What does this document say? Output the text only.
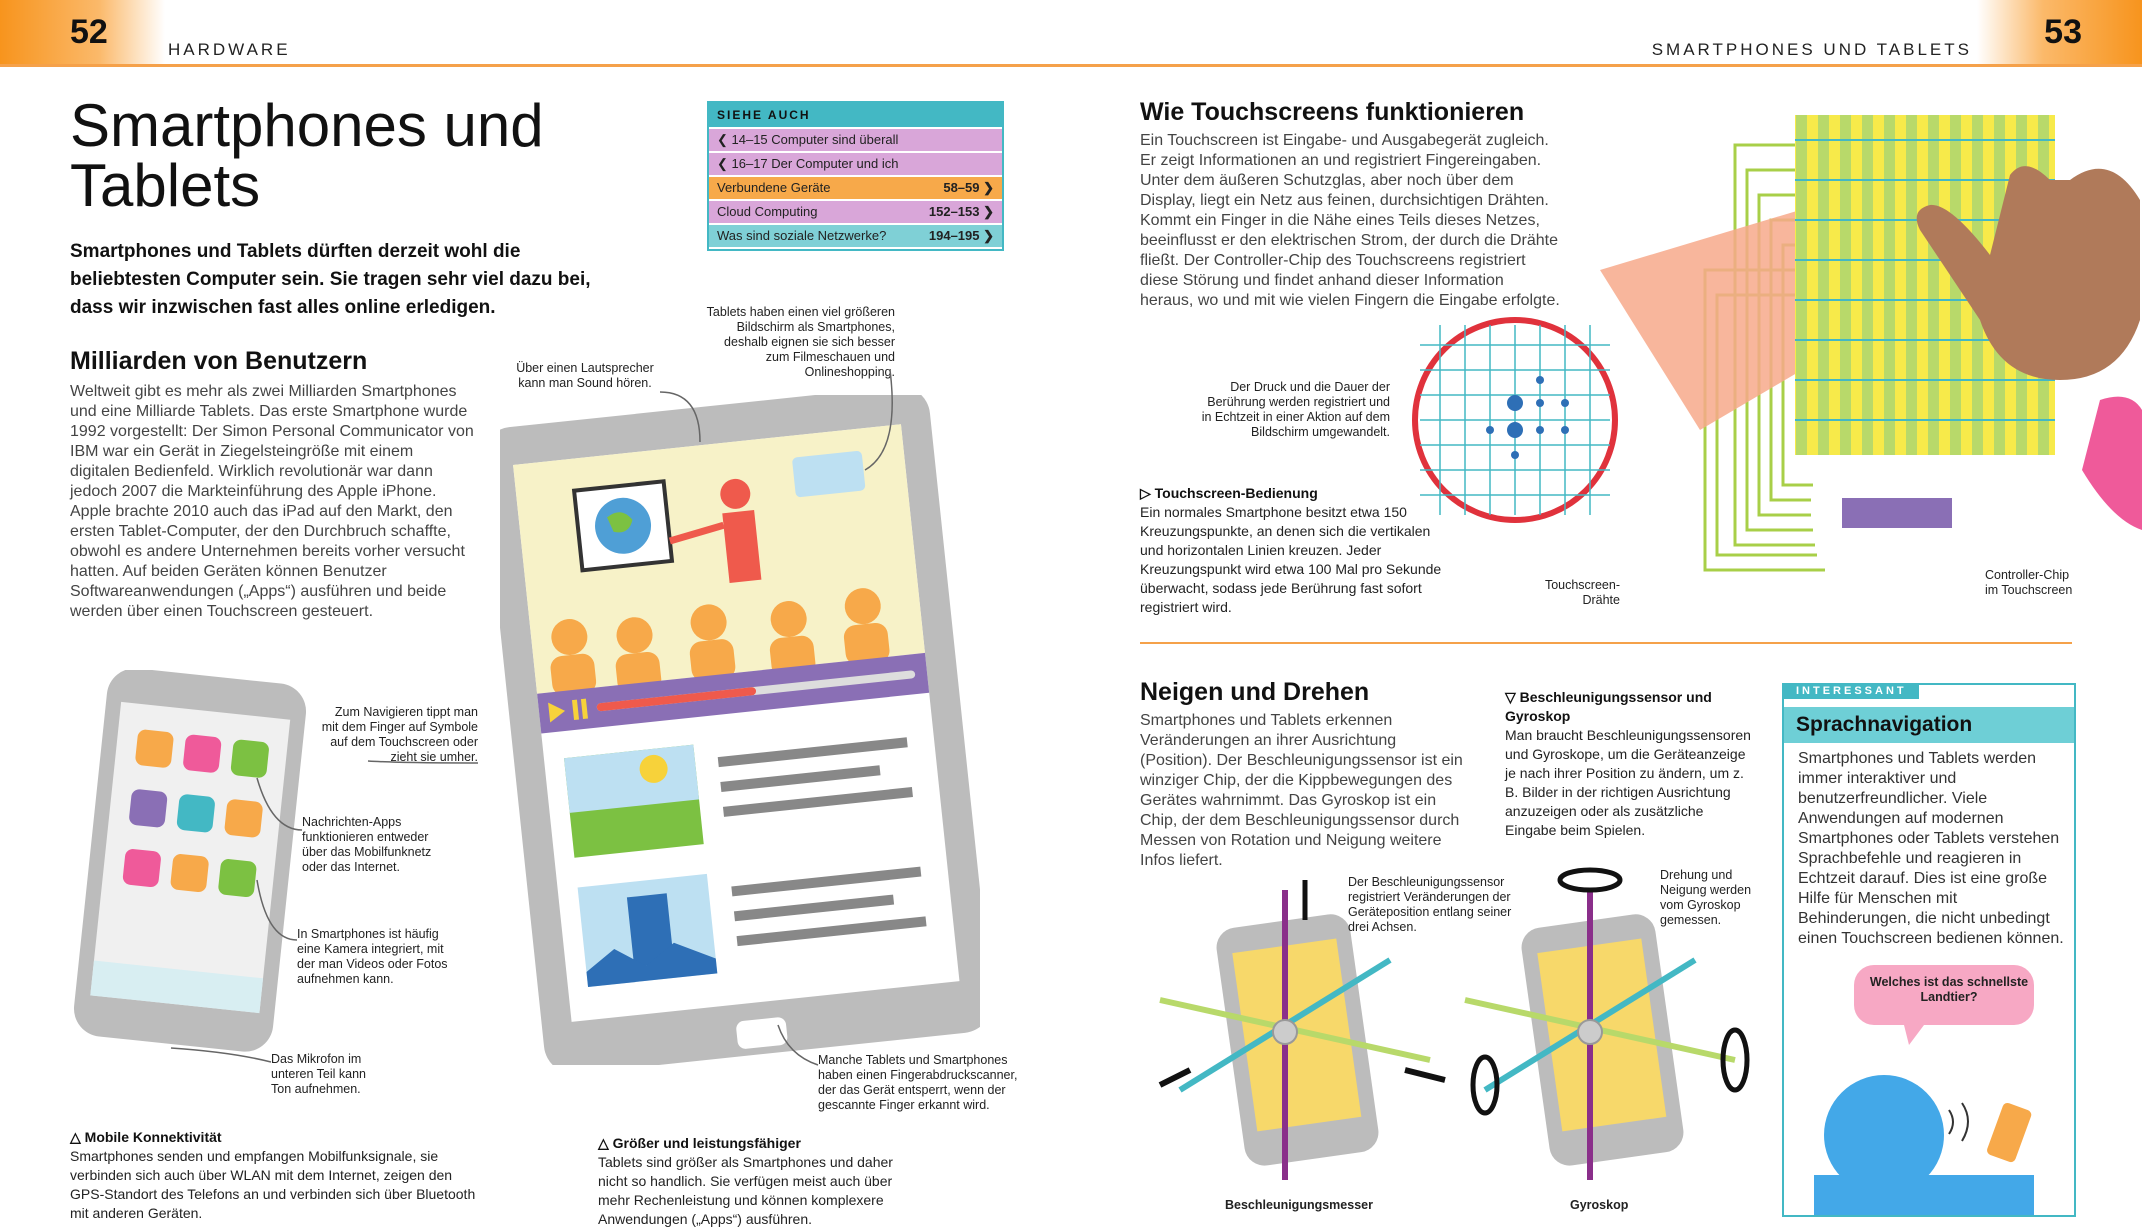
52	HARDWARE	SMARTPHONES UND TABLETS	53
Smartphones und Tablets
Smartphones und Tablets dürften derzeit wohl die beliebtesten Computer sein. Sie tragen sehr viel dazu bei, dass wir inzwischen fast alles online erledigen.
SIEHE AUCH
❮ 14–15 Computer sind überall
❮ 16–17 Der Computer und ich
Verbundene Geräte	58–59 ❯
Cloud Computing	152–153 ❯
Was sind soziale Netzwerke?	194–195 ❯
Milliarden von Benutzern
Weltweit gibt es mehr als zwei Milliarden Smartphones und eine Milliarde Tablets. Das erste Smartphone wurde 1992 vorgestellt: Der Simon Personal Communicator von IBM war ein Gerät in Ziegelsteingröße mit einem digitalen Bedienfeld. Wirklich revolutionär war dann jedoch 2007 die Markteinführung des Apple iPhone. Apple brachte 2010 auch das iPad auf den Markt, den ersten Tablet-Computer, der den Durchbruch schaffte, obwohl es andere Unternehmen bereits vorher versucht hatten. Auf beiden Geräten können Benutzer Softwareanwendungen („Apps“) ausführen und beide werden über einen Touchscreen gesteuert.
Über einen Lautsprecher kann man Sound hören.
Tablets haben einen viel größeren Bildschirm als Smartphones, deshalb eignen sie sich besser zum Filmeschauen und Onlineshopping.
Zum Navigieren tippt man mit dem Finger auf Symbole auf dem Touchscreen oder zieht sie umher.
Nachrichten-Apps funktionieren entweder über das Mobilfunknetz oder das Internet.
In Smartphones ist häufig eine Kamera integriert, mit der man Videos oder Fotos aufnehmen kann.
Das Mikrofon im unteren Teil kann Ton aufnehmen.
Manche Tablets und Smartphones haben einen Fingerabdruckscanner, der das Gerät entsperrt, wenn der gescannte Finger erkannt wird.
△ Mobile Konnektivität
Smartphones senden und empfangen Mobilfunksignale, sie verbinden sich auch über WLAN mit dem Internet, zeigen den GPS-Standort des Telefons an und verbinden sich über Bluetooth mit anderen Geräten.
△ Größer und leistungsfähiger
Tablets sind größer als Smartphones und daher nicht so handlich. Sie verfügen meist auch über mehr Rechenleistung und können komplexere Anwendungen („Apps“) ausführen.
Wie Touchscreens funktionieren
Ein Touchscreen ist Eingabe- und Ausgabegerät zugleich. Er zeigt Informationen an und registriert Fingereingaben. Unter dem äußeren Schutzglas, aber noch über dem Display, liegt ein Netz aus feinen, durchsichtigen Drähten. Kommt ein Finger in die Nähe eines Teils dieses Netzes, beeinflusst er den elektrischen Strom, der durch die Drähte fließt. Der Controller-Chip des Touchscreens registriert diese Störung und findet anhand dieser Information heraus, wo und mit wie vielen Fingern die Eingabe erfolgte.
Der Druck und die Dauer der Berührung werden registriert und in Echtzeit in einer Aktion auf dem Bildschirm umgewandelt.
Touchscreen-Drähte
Controller-Chip im Touchscreen
▷ Touchscreen-Bedienung
Ein normales Smartphone besitzt etwa 150 Kreuzungspunkte, an denen sich die vertikalen und horizontalen Linien kreuzen. Jeder Kreuzungspunkt wird etwa 100 Mal pro Sekunde überwacht, sodass jede Berührung fast sofort registriert wird.
Neigen und Drehen
Smartphones und Tablets erkennen Veränderungen an ihrer Ausrichtung (Position). Der Beschleunigungssensor ist ein winziger Chip, der die Kippbewegungen des Gerätes wahrnimmt. Das Gyroskop ist ein Chip, der dem Beschleunigungssensor durch Messen von Rotation und Neigung weitere Infos liefert.
▽ Beschleunigungssensor und Gyroskop
Man braucht Beschleunigungssensoren und Gyroskope, um die Geräteanzeige je nach ihrer Position zu ändern, um z. B. Bilder in der richtigen Ausrichtung anzuzeigen oder als zusätzliche Eingabe beim Spielen.
Der Beschleunigungssensor registriert Veränderungen der Geräteposition entlang seiner drei Achsen.
Drehung und Neigung werden vom Gyroskop gemessen.
Beschleunigungsmesser	Gyroskop
INTERESSANT
Sprachnavigation
Smartphones und Tablets werden immer interaktiver und benutzerfreundlicher. Viele Anwendungen auf modernen Smartphones oder Tablets verstehen Sprachbefehle und reagieren in Echtzeit darauf. Dies ist eine große Hilfe für Menschen mit Behinderungen, die nicht unbedingt einen Touchscreen bedienen können.
Welches ist das schnellste Landtier?
